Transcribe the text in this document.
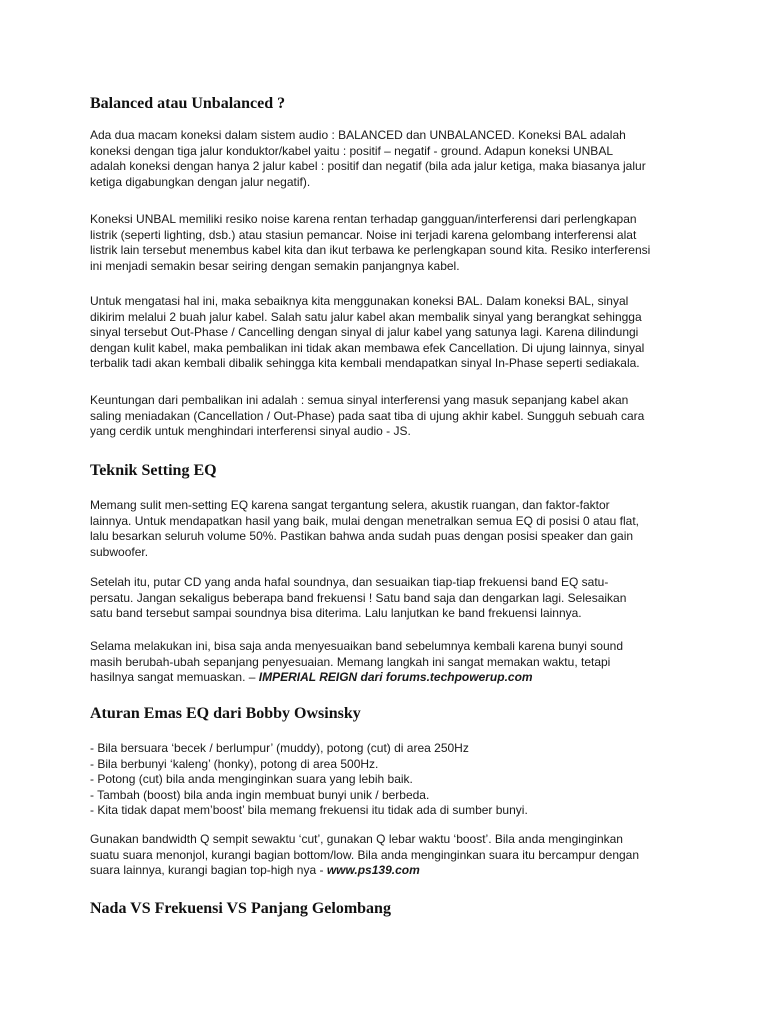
Balanced atau Unbalanced ?
Ada dua macam koneksi dalam sistem audio : BALANCED dan UNBALANCED. Koneksi BAL adalah
koneksi dengan tiga jalur konduktor/kabel yaitu : positif – negatif - ground. Adapun koneksi UNBAL
adalah koneksi dengan hanya 2 jalur kabel : positif dan negatif (bila ada jalur ketiga, maka biasanya jalur
ketiga digabungkan dengan jalur negatif).
Koneksi UNBAL memiliki resiko noise karena rentan terhadap gangguan/interferensi dari perlengkapan
listrik (seperti lighting, dsb.) atau stasiun pemancar. Noise ini terjadi karena gelombang interferensi alat
listrik lain tersebut menembus kabel kita dan ikut terbawa ke perlengkapan sound kita. Resiko interferensi
ini menjadi semakin besar seiring dengan semakin panjangnya kabel.
Untuk mengatasi hal ini, maka sebaiknya kita menggunakan koneksi BAL. Dalam koneksi BAL, sinyal
dikirim melalui 2 buah jalur kabel. Salah satu jalur kabel akan membalik sinyal yang berangkat sehingga
sinyal tersebut Out-Phase / Cancelling dengan sinyal di jalur kabel yang satunya lagi. Karena dilindungi
dengan kulit kabel, maka pembalikan ini tidak akan membawa efek Cancellation. Di ujung lainnya, sinyal
terbalik tadi akan kembali dibalik sehingga kita kembali mendapatkan sinyal In-Phase seperti sediakala.
Keuntungan dari pembalikan ini adalah : semua sinyal interferensi yang masuk sepanjang kabel akan
saling meniadakan (Cancellation / Out-Phase) pada saat tiba di ujung akhir kabel. Sungguh sebuah cara
yang cerdik untuk menghindari interferensi sinyal audio - JS.
Teknik Setting EQ
Memang sulit men-setting EQ karena sangat tergantung selera, akustik ruangan, dan faktor-faktor
lainnya. Untuk mendapatkan hasil yang baik, mulai dengan menetralkan semua EQ di posisi 0 atau flat,
lalu besarkan seluruh volume 50%. Pastikan bahwa anda sudah puas dengan posisi speaker dan gain
subwoofer.
Setelah itu, putar CD yang anda hafal soundnya, dan sesuaikan tiap-tiap frekuensi band EQ satu-
persatu. Jangan sekaligus beberapa band frekuensi ! Satu band saja dan dengarkan lagi. Selesaikan
satu band tersebut sampai soundnya bisa diterima. Lalu lanjutkan ke band frekuensi lainnya.
Selama melakukan ini, bisa saja anda menyesuaikan band sebelumnya kembali karena bunyi sound
masih berubah-ubah sepanjang penyesuaian. Memang langkah ini sangat memakan waktu, tetapi
hasilnya sangat memuaskan. – IMPERIAL REIGN dari forums.techpowerup.com
Aturan Emas EQ dari Bobby Owsinsky
- Bila bersuara ‘becek / berlumpur’ (muddy), potong (cut) di area 250Hz
- Bila berbunyi ‘kaleng’ (honky), potong di area 500Hz.
- Potong (cut) bila anda menginginkan suara yang lebih baik.
- Tambah (boost) bila anda ingin membuat bunyi unik / berbeda.
- Kita tidak dapat mem’boost’ bila memang frekuensi itu tidak ada di sumber bunyi.
Gunakan bandwidth Q sempit sewaktu ‘cut’, gunakan Q lebar waktu ‘boost’. Bila anda menginginkan
suatu suara menonjol, kurangi bagian bottom/low. Bila anda menginginkan suara itu bercampur dengan
suara lainnya, kurangi bagian top-high nya - www.ps139.com
Nada VS Frekuensi VS Panjang Gelombang
